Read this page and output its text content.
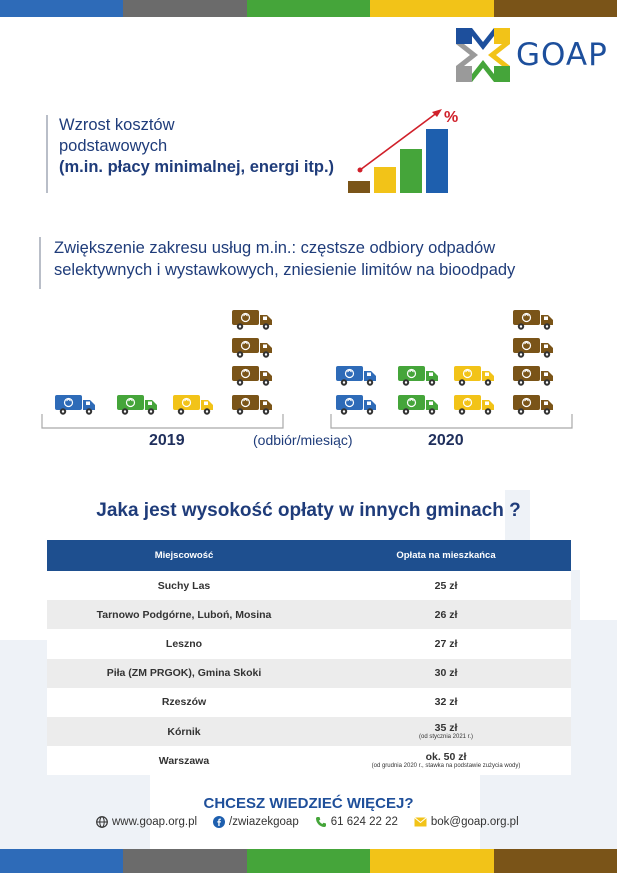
GOAP

Wzrost kosztów

podstawowych

(m.in. płacy minimalnej, energi itp.)

%

Zwiększenie zakresu usług m.in.: częstsze odbiory odpadów

selektywnych i wystawkowych, zniesienie limitów na bioodpady

2019	(odbiór/miesiąc)	2020
Jaka jest wysokość opłaty w innych gminach ?
Miejscowość	Opłata na mieszkańca
Suchy Las	25 zł
Tarnowo Podgórne, Luboń, Mosina	26 zł
Leszno	27 zł
Piła (ZM PRGOK), Gmina Skoki	30 zł
Rzeszów	32 zł
Kórnik	35 zł
(od stycznia 2021 r.)

Warszawa	ok. 50 zł
(od grudnia 2020 r., stawka na podstawie zużycia wody)
CHCESZ WIEDZIEĆ WIĘCEJ?
www.goap.org.pl	/zwiazekgoap	61 624 22 22	bok@goap.org.pl
